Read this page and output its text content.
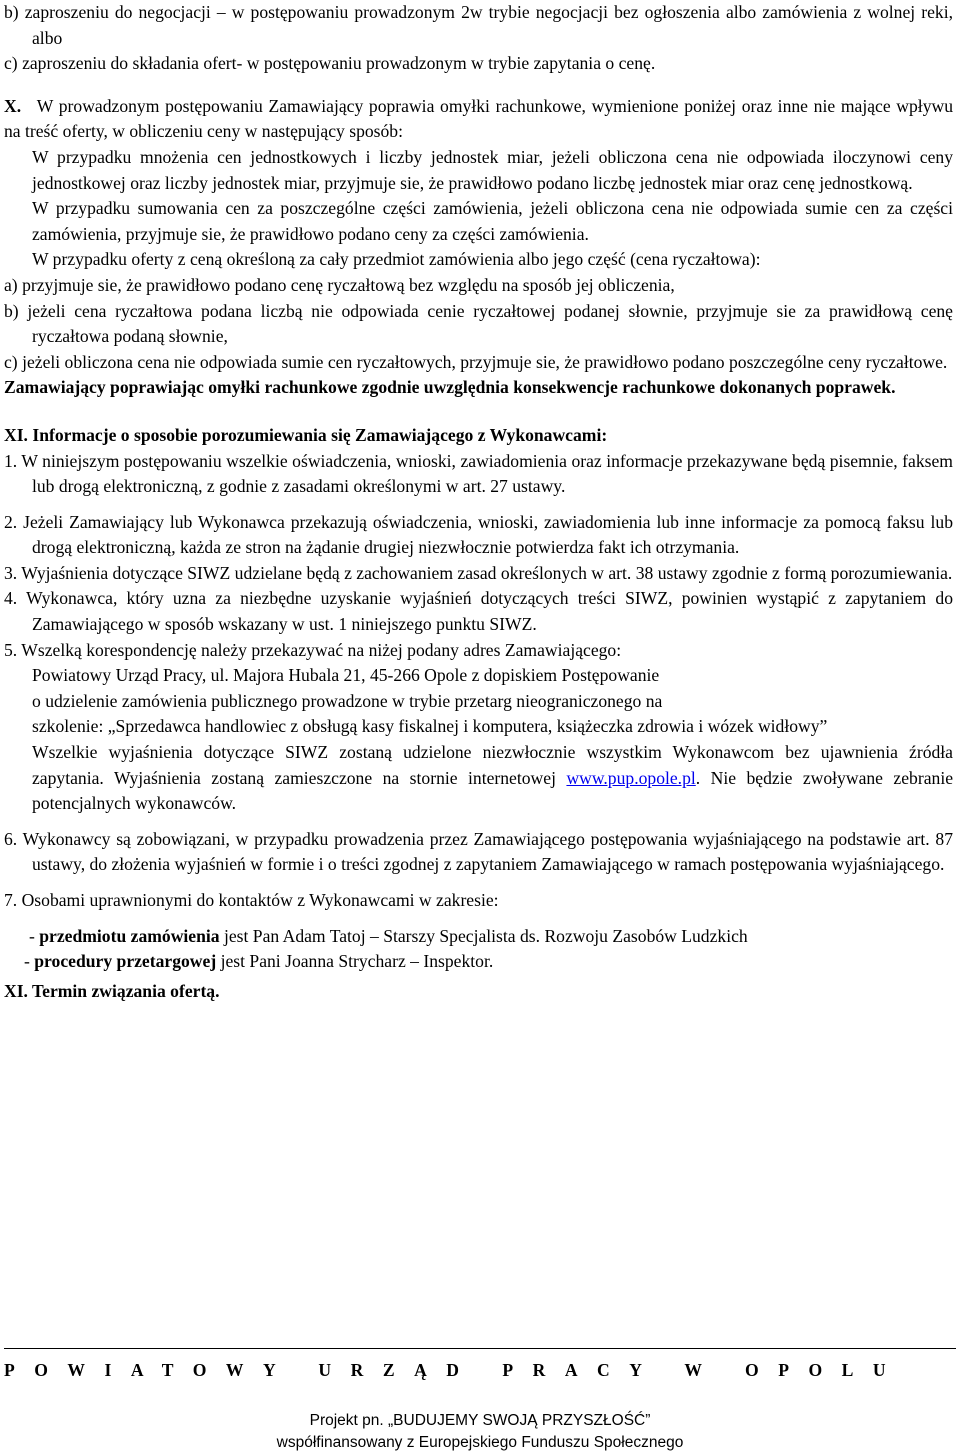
b) zaproszeniu do negocjacji – w postępowaniu prowadzonym 2w trybie negocjacji bez ogłoszenia albo zamówienia z wolnej reki, albo

c) zaproszeniu do składania ofert- w postępowaniu prowadzonym w trybie zapytania o cenę.

X. W prowadzonym postępowaniu Zamawiający poprawia omyłki rachunkowe, wymienione poniżej oraz inne nie mające wpływu na treść oferty, w obliczeniu ceny w następujący sposób:

W przypadku mnożenia cen jednostkowych i liczby jednostek miar, jeżeli obliczona cena nie odpowiada iloczynowi ceny jednostkowej oraz liczby jednostek miar, przyjmuje sie, że prawidłowo podano liczbę jednostek miar oraz cenę jednostkową.

W przypadku sumowania cen za poszczególne części zamówienia, jeżeli obliczona cena nie odpowiada sumie cen za części zamówienia, przyjmuje sie, że prawidłowo podano ceny za części zamówienia.

W przypadku oferty z ceną określoną za cały przedmiot zamówienia albo jego część (cena ryczałtowa):

a) przyjmuje sie, że prawidłowo podano cenę ryczałtową bez względu na sposób jej obliczenia,

b) jeżeli cena ryczałtowa podana liczbą nie odpowiada cenie ryczałtowej podanej słownie, przyjmuje sie za prawidłową cenę ryczałtowa podaną słownie,

c) jeżeli obliczona cena nie odpowiada sumie cen ryczałtowych, przyjmuje sie, że prawidłowo podano poszczególne ceny ryczałtowe.

Zamawiający poprawiając omyłki rachunkowe zgodnie uwzględnia konsekwencje rachunkowe dokonanych poprawek.

XI. Informacje o sposobie porozumiewania się Zamawiającego z Wykonawcami:

1. W niniejszym postępowaniu wszelkie oświadczenia, wnioski, zawiadomienia oraz informacje przekazywane będą pisemnie, faksem lub drogą elektroniczną, z godnie z zasadami określonymi w art. 27 ustawy.

2. Jeżeli Zamawiający lub Wykonawca przekazują oświadczenia, wnioski, zawiadomienia lub inne informacje za pomocą faksu lub drogą elektroniczną, każda ze stron na żądanie drugiej niezwłocznie potwierdza fakt ich otrzymania.

3. Wyjaśnienia dotyczące SIWZ udzielane będą z zachowaniem zasad określonych w art. 38 ustawy zgodnie z formą porozumiewania.

4. Wykonawca, który uzna za niezbędne uzyskanie wyjaśnień dotyczących treści SIWZ, powinien wystąpić z zapytaniem do Zamawiającego w sposób wskazany w ust. 1 niniejszego punktu SIWZ.

5. Wszelką korespondencję należy przekazywać na niżej podany adres Zamawiającego:

Powiatowy Urząd Pracy, ul. Majora Hubala 21, 45-266 Opole z dopiskiem Postępowanie

o udzielenie zamówienia publicznego prowadzone w trybie przetarg nieograniczonego na

szkolenie: „Sprzedawca handlowiec z obsługą kasy fiskalnej i komputera, książeczka zdrowia i wózek widłowy”

Wszelkie wyjaśnienia dotyczące SIWZ zostaną udzielone niezwłocznie wszystkim Wykonawcom bez ujawnienia źródła zapytania. Wyjaśnienia zostaną zamieszczone na stornie internetowej www.pup.opole.pl. Nie będzie zwoływane zebranie potencjalnych wykonawców.

6. Wykonawcy są zobowiązani, w przypadku prowadzenia przez Zamawiającego postępowania wyjaśniającego na podstawie art. 87 ustawy, do złożenia wyjaśnień w formie i o treści zgodnej z zapytaniem Zamawiającego w ramach postępowania wyjaśniającego.

7. Osobami uprawnionymi do kontaktów z Wykonawcami w zakresie:

- przedmiotu zamówienia jest Pan Adam Tatoj – Starszy Specjalista ds. Rozwoju Zasobów Ludzkich

- procedury przetargowej jest Pani Joanna Strycharz – Inspektor.

XI. Termin związania ofertą.

POWIATOWY URZĄD PRACY W OPOLU
Projekt pn. „BUDUJEMY SWOJĄ PRZYSZŁOŚĆ”
współfinansowany z Europejskiego Funduszu Społecznego
